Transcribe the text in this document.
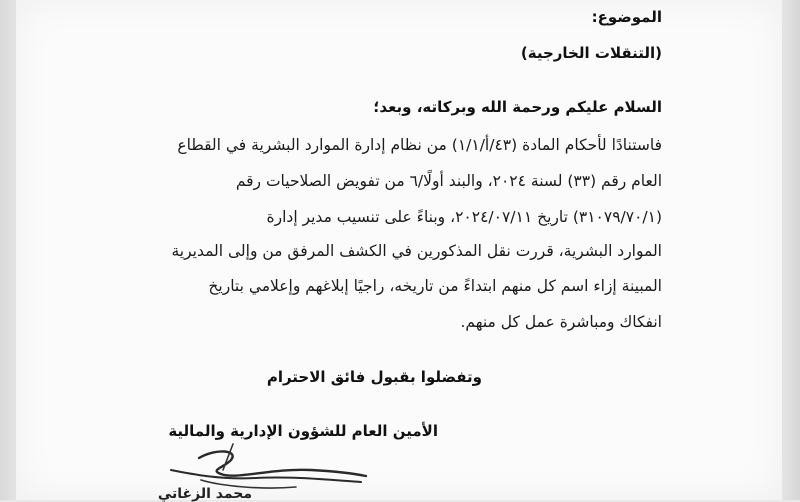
الموضوع:
(التنقلات الخارجية)
السلام عليكم ورحمة الله وبركاته، وبعد؛
فاستنادًا لأحكام المادة (٤٣/أ/١/١) من نظام إدارة الموارد البشرية في القطاع
العام رقم (٣٣) لسنة ٢٠٢٤، والبند أولًا/٦ من تفويض الصلاحيات رقم
(٣١٠٧٩/٧٠/١) تاريخ ٢٠٢٤/٠٧/١١، وبناءً على تنسيب مدير إدارة
الموارد البشرية، قررت نقل المذكورين في الكشف المرفق من وإلى المديرية
المبينة إزاء اسم كل منهم ابتداءً من تاريخه، راجيًا إبلاغهم وإعلامي بتاريخ
انفكاك ومباشرة عمل كل منهم.
وتفضلوا بقبول فائق الاحترام
الأمين العام للشؤون الإدارية والمالية
محمد الزغاتي
